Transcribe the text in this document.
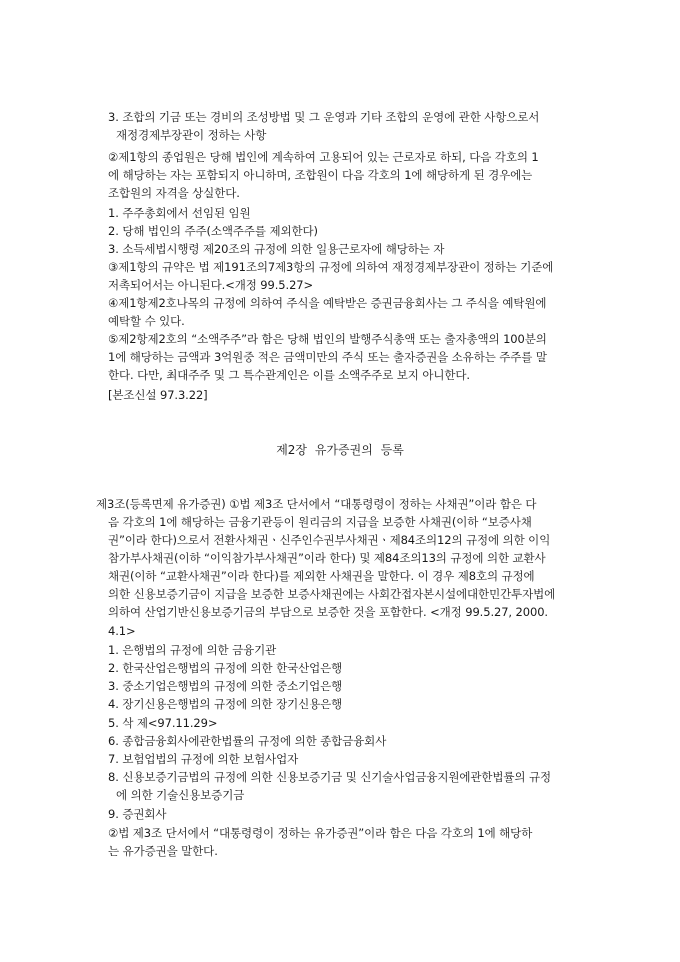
3. 조합의 기금 또는 경비의 조성방법 및 그 운영과 기타 조합의 운영에 관한 사항으로서
재정경제부장관이 정하는 사항
②제1항의 종업원은 당해 법인에 계속하여 고용되어 있는 근로자로 하되, 다음 각호의 1
에 해당하는 자는 포함되지 아니하며, 조합원이 다음 각호의 1에 해당하게 된 경우에는
조합원의 자격을 상실한다.
1. 주주총회에서 선임된 임원
2. 당해 법인의 주주(소액주주를 제외한다)
3. 소득세법시행령 제20조의 규정에 의한 일용근로자에 해당하는 자
③제1항의 규약은 법 제191조의7제3항의 규정에 의하여 재정경제부장관이 정하는 기준에
저촉되어서는 아니된다.<개정 99.5.27>
④제1항제2호나목의 규정에 의하여 주식을 예탁받은 증권금융회사는 그 주식을 예탁원에
예탁할 수 있다.
⑤제2항제2호의 “소액주주”라 함은 당해 법인의 발행주식총액 또는 출자총액의 100분의
1에 해당하는 금액과 3억원중 적은 금액미만의 주식 또는 출자증권을 소유하는 주주를 말
한다. 다만, 최대주주 및 그 특수관계인은 이를 소액주주로 보지 아니한다.
[본조신설 97.3.22]
제2장 유가증권의 등록
제3조(등록면제 유가증권) ①법 제3조 단서에서 “대통령령이 정하는 사채권”이라 함은 다
음 각호의 1에 해당하는 금융기관등이 원리금의 지급을 보증한 사채권(이하 “보증사채
권”이라 한다)으로서 전환사채권ㆍ신주인수권부사채권ㆍ제84조의12의 규정에 의한 이익
참가부사채권(이하 “이익참가부사채권”이라 한다) 및 제84조의13의 규정에 의한 교환사
채권(이하 “교환사채권”이라 한다)를 제외한 사채권을 말한다. 이 경우 제8호의 규정에
의한 신용보증기금이 지급을 보증한 보증사채권에는 사회간접자본시설에대한민간투자법에
의하여 산업기반신용보증기금의 부담으로 보증한 것을 포함한다. <개정 99.5.27, 2000.
4.1>
1. 은행법의 규정에 의한 금융기관
2. 한국산업은행법의 규정에 의한 한국산업은행
3. 중소기업은행법의 규정에 의한 중소기업은행
4. 장기신용은행법의 규정에 의한 장기신용은행
5. 삭 제<97.11.29>
6. 종합금융회사에관한법률의 규정에 의한 종합금융회사
7. 보험업법의 규정에 의한 보험사업자
8. 신용보증기금법의 규정에 의한 신용보증기금 및 신기술사업금융지원에관한법률의 규정
에 의한 기술신용보증기금
9. 증권회사
②법 제3조 단서에서 “대통령령이 정하는 유가증권”이라 함은 다음 각호의 1에 해당하
는 유가증권을 말한다.
